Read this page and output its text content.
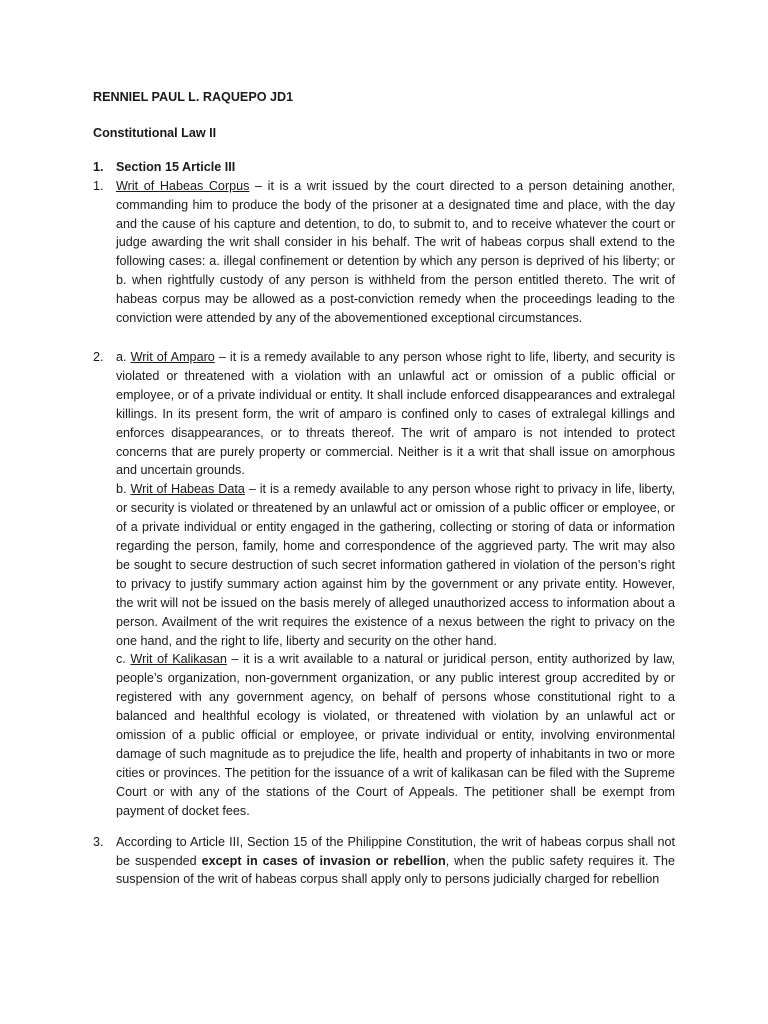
RENNIEL PAUL L. RAQUEPO JD1

Constitutional Law II

1. Section 15 Article III
1. Writ of Habeas Corpus – it is a writ issued by the court directed to a person detaining another, commanding him to produce the body of the prisoner at a designated time and place, with the day and the cause of his capture and detention, to do, to submit to, and to receive whatever the court or judge awarding the writ shall consider in his behalf. The writ of habeas corpus shall extend to the following cases: a. illegal confinement or detention by which any person is deprived of his liberty; or b. when rightfully custody of any person is withheld from the person entitled thereto. The writ of habeas corpus may be allowed as a post-conviction remedy when the proceedings leading to the conviction were attended by any of the abovementioned exceptional circumstances.

2. a. Writ of Amparo – it is a remedy available to any person whose right to life, liberty, and security is violated or threatened with a violation with an unlawful act or omission of a public official or employee, or of a private individual or entity. It shall include enforced disappearances and extralegal killings. In its present form, the writ of amparo is confined only to cases of extralegal killings and enforces disappearances, or to threats thereof. The writ of amparo is not intended to protect concerns that are purely property or commercial. Neither is it a writ that shall issue on amorphous and uncertain grounds.

b. Writ of Habeas Data – it is a remedy available to any person whose right to privacy in life, liberty, or security is violated or threatened by an unlawful act or omission of a public officer or employee, or of a private individual or entity engaged in the gathering, collecting or storing of data or information regarding the person, family, home and correspondence of the aggrieved party. The writ may also be sought to secure destruction of such secret information gathered in violation of the person’s right to privacy to justify summary action against him by the government or any private entity. However, the writ will not be issued on the basis merely of alleged unauthorized access to information about a person. Availment of the writ requires the existence of a nexus between the right to privacy on the one hand, and the right to life, liberty and security on the other hand.

c. Writ of Kalikasan – it is a writ available to a natural or juridical person, entity authorized by law, people’s organization, non-government organization, or any public interest group accredited by or registered with any government agency, on behalf of persons whose constitutional right to a balanced and healthful ecology is violated, or threatened with violation by an unlawful act or omission of a public official or employee, or private individual or entity, involving environmental damage of such magnitude as to prejudice the life, health and property of inhabitants in two or more cities or provinces. The petition for the issuance of a writ of kalikasan can be filed with the Supreme Court or with any of the stations of the Court of Appeals. The petitioner shall be exempt from payment of docket fees.

3. According to Article III, Section 15 of the Philippine Constitution, the writ of habeas corpus shall not be suspended except in cases of invasion or rebellion, when the public safety requires it. The suspension of the writ of habeas corpus shall apply only to persons judicially charged for rebellion
